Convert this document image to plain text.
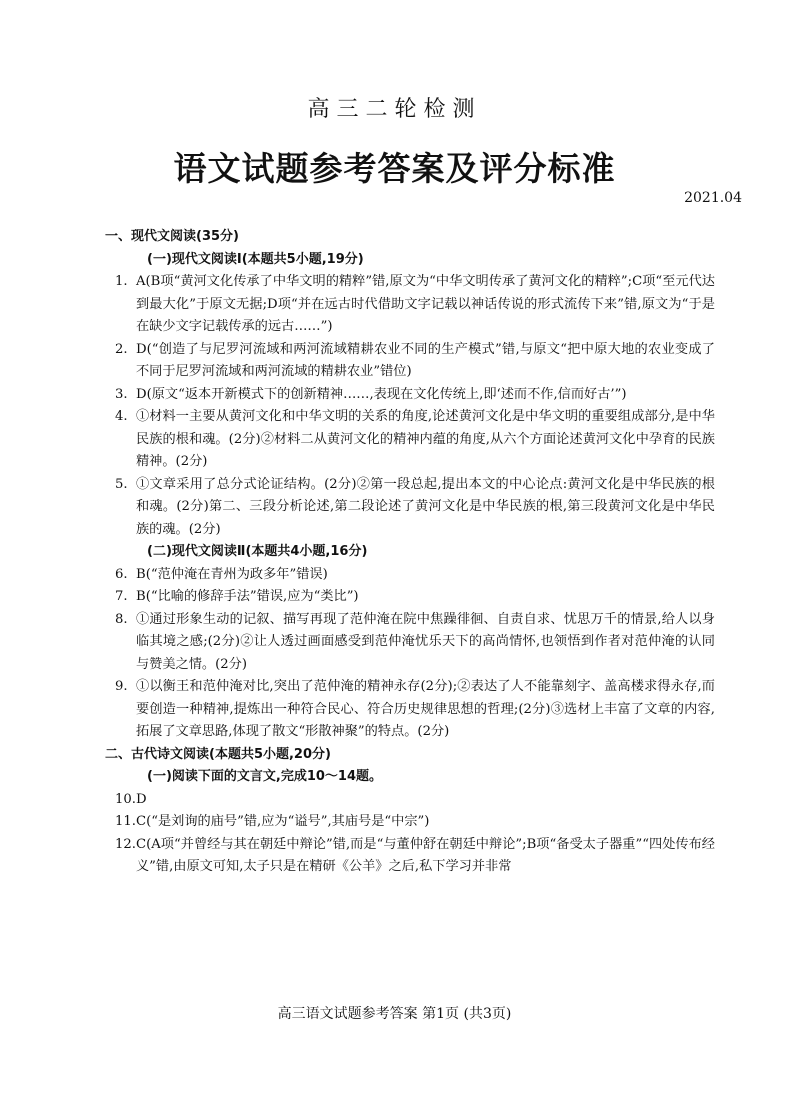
高三二轮检测
语文试题参考答案及评分标准
2021.04
一、现代文阅读(35分)
(一)现代文阅读Ⅰ(本题共5小题,19分)
1. A(B项“黄河文化传承了中华文明的精粹”错,原文为“中华文明传承了黄河文化的精粹”;C项“至元代达到最大化”于原文无据;D项“并在远古时代借助文字记载以神话传说的形式流传下来”错,原文为“于是在缺少文字记载传承的远古……”)
2. D(“创造了与尼罗河流域和两河流域精耕农业不同的生产模式”错,与原文“把中原大地的农业变成了不同于尼罗河流域和两河流域的精耕农业”错位)
3. D(原文“返本开新模式下的创新精神……,表现在文化传统上,即‘述而不作,信而好古’”)
4. ①材料一主要从黄河文化和中华文明的关系的角度,论述黄河文化是中华文明的重要组成部分,是中华民族的根和魂。(2分)②材料二从黄河文化的精神内蕴的角度,从六个方面论述黄河文化中孕育的民族精神。(2分)
5. ①文章采用了总分式论证结构。(2分)②第一段总起,提出本文的中心论点:黄河文化是中华民族的根和魂。(2分)第二、三段分析论述,第二段论述了黄河文化是中华民族的根,第三段黄河文化是中华民族的魂。(2分)
(二)现代文阅读Ⅱ(本题共4小题,16分)
6. B(“范仲淹在青州为政多年”错误)
7. B(“比喻的修辞手法”错误,应为“类比”)
8. ①通过形象生动的记叙、描写再现了范仲淹在院中焦躁徘徊、自责自求、忧思万千的情景,给人以身临其境之感;(2分)②让人透过画面感受到范仲淹忧乐天下的高尚情怀,也领悟到作者对范仲淹的认同与赞美之情。(2分)
9. ①以衡王和范仲淹对比,突出了范仲淹的精神永存(2分);②表达了人不能靠刻字、盖高楼求得永存,而要创造一种精神,提炼出一种符合民心、符合历史规律思想的哲理;(2分)③选材上丰富了文章的内容,拓展了文章思路,体现了散文“形散神聚”的特点。(2分)
二、古代诗文阅读(本题共5小题,20分)
(一)阅读下面的文言文,完成10～14题。
10. D
11. C(“是刘询的庙号”错,应为“谥号”,其庙号是“中宗”)
12. C(A项“并曾经与其在朝廷中辩论”错,而是“与董仲舒在朝廷中辩论”;B项“备受太子器重”“四处传布经义”错,由原文可知,太子只是在精研《公羊》之后,私下学习并非常
高三语文试题参考答案 第1页 (共3页)
